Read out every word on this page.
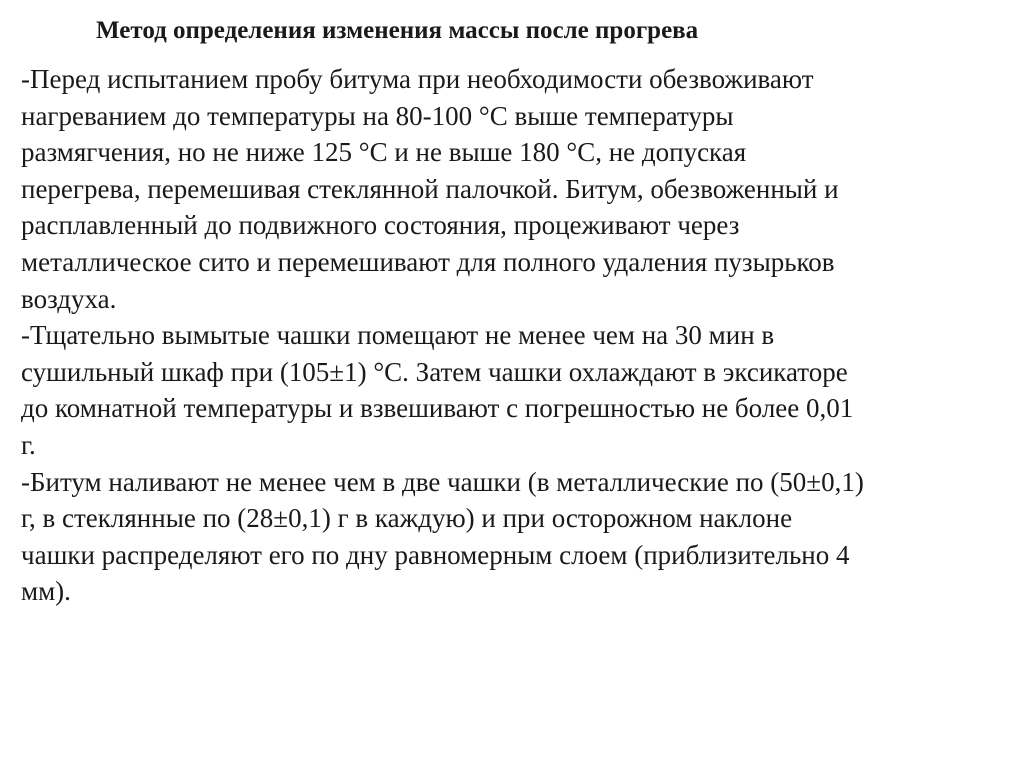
Метод определения изменения массы после прогрева
-Перед испытанием пробу битума при необходимости обезвоживают
нагреванием до температуры на 80-100 °С выше температуры
размягчения, но не ниже 125 °С и не выше 180 °С, не допуская
перегрева, перемешивая стеклянной палочкой. Битум, обезвоженный и
расплавленный до подвижного состояния, процеживают через
металлическое сито и перемешивают для полного удаления пузырьков
воздуха.
-Тщательно вымытые чашки помещают не менее чем на 30 мин в
сушильный шкаф при (105±1) °С. Затем чашки охлаждают в эксикаторе
до комнатной температуры и взвешивают с погрешностью не более 0,01
г.
-Битум наливают не менее чем в две чашки (в металлические по (50±0,1)
г, в стеклянные по (28±0,1) г в каждую) и при осторожном наклоне
чашки распределяют его по дну равномерным слоем (приблизительно 4
мм).
